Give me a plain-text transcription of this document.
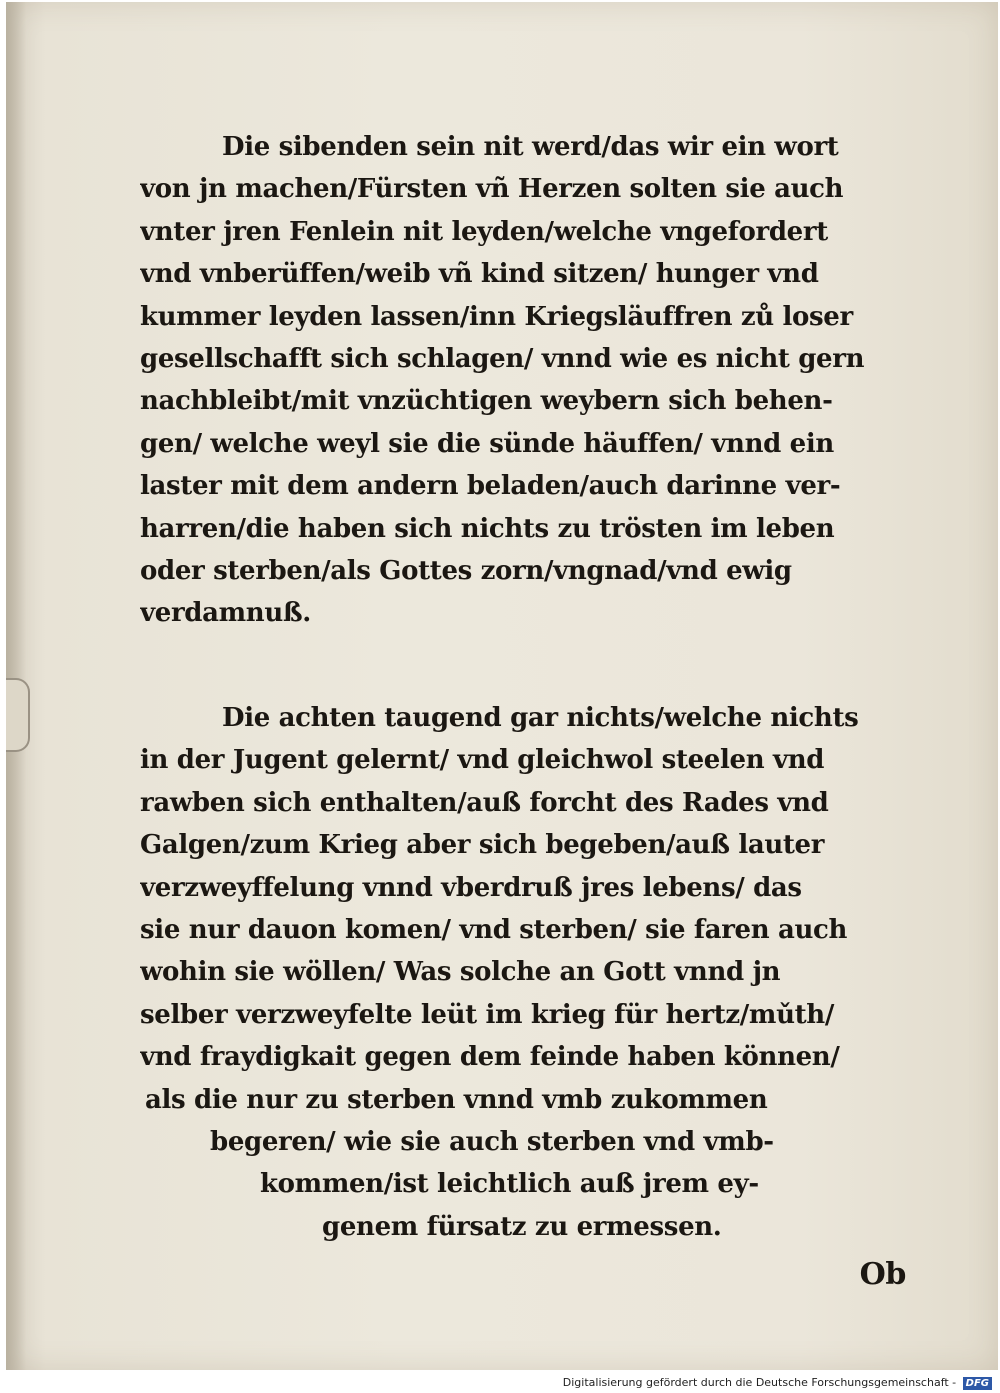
Die sibenden sein nit werd/das wir ein wort
von jn machen/Fürsten vñ Herzen solten sie auch
vnter jren Fenlein nit leyden/welche vngefordert
vnd vnberüffen/weib vñ kind sitzen/ hunger vnd
kummer leyden lassen/inn Kriegsläuffren zů loser
gesellschafft sich schlagen/ vnnd wie es nicht gern
nachbleibt/mit vnzüchtigen weybern sich behen-
gen/ welche weyl sie die sünde häuffen/ vnnd ein
laster mit dem andern beladen/auch darinne ver-
harren/die haben sich nichts zu trösten im leben
oder sterben/als Gottes zorn/vngnad/vnd ewig
verdamnuß.
Die achten taugend gar nichts/welche nichts
in der Jugent gelernt/ vnd gleichwol steelen vnd
rawben sich enthalten/auß forcht des Rades vnd
Galgen/zum Krieg aber sich begeben/auß lauter
verzweyffelung vnnd vberdruß jres lebens/ das
sie nur dauon komen/ vnd sterben/ sie faren auch
wohin sie wöllen/ Was solche an Gott vnnd jn
selber verzweyfelte leüt im krieg für hertz/mǔth/
vnd fraydigkait gegen dem feinde haben können/
als die nur zu sterben vnnd vmb zukommen
begeren/ wie sie auch sterben vnd vmb-
kommen/ist leichtlich auß jrem ey-
genem fürsatz zu ermessen.
Ob
Digitalisierung gefördert durch die Deutsche Forschungsgemeinschaft - DFG
